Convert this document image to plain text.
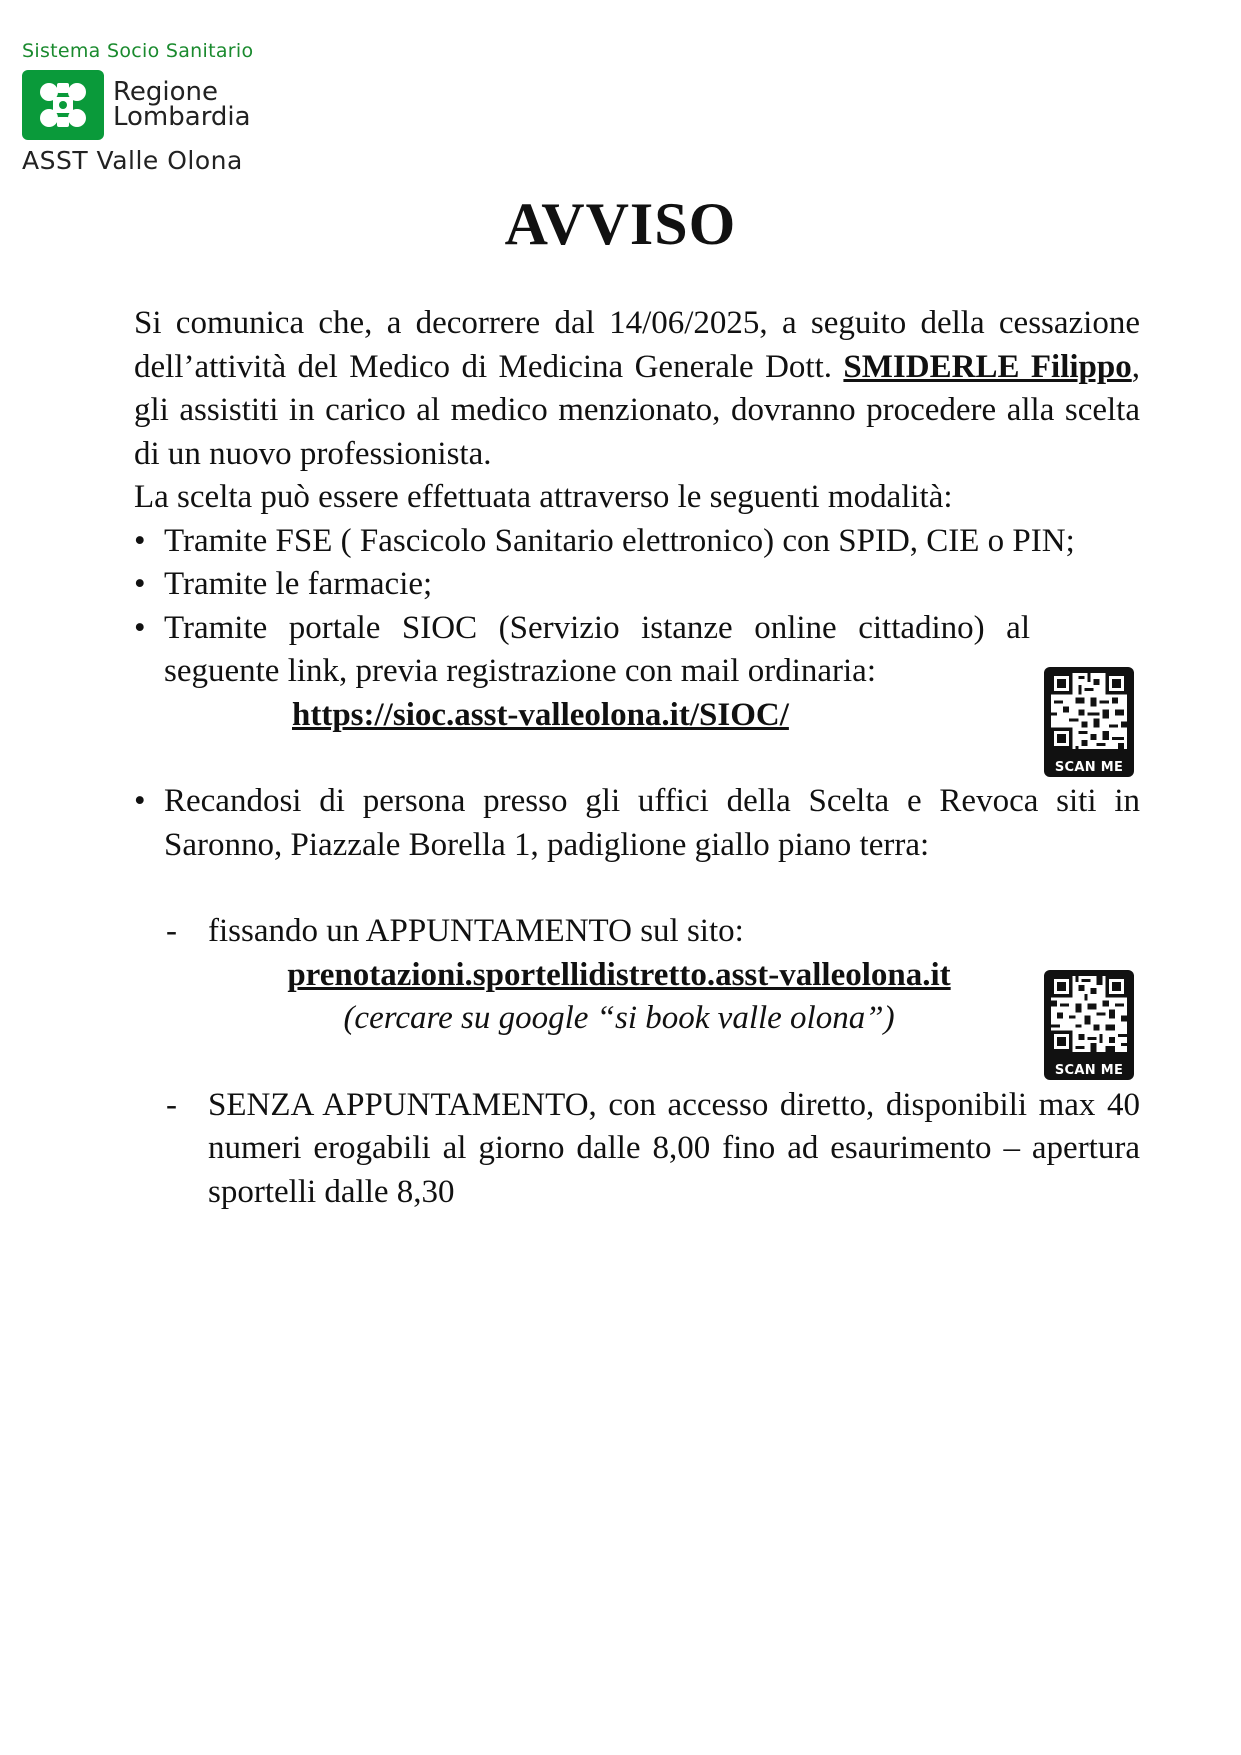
Sistema Socio Sanitario
Regione
Lombardia
ASST Valle Olona
AVVISO
Si comunica che, a decorrere dal 14/06/2025, a seguito della cessazione dell’attività del Medico di Medicina Generale Dott. SMIDERLE Filippo, gli assistiti in carico al medico menzionato, dovranno procedere alla scelta di un nuovo professionista.
La scelta può essere effettuata attraverso le seguenti modalità:
• Tramite FSE ( Fascicolo Sanitario elettronico) con SPID, CIE o PIN;
• Tramite le farmacie;
• Tramite portale SIOC (Servizio istanze online cittadino) al seguente link, previa registrazione con mail ordinaria:
https://sioc.asst-valleolona.it/SIOC/
• Recandosi di persona presso gli uffici della Scelta e Revoca siti in Saronno, Piazzale Borella 1, padiglione giallo piano terra:
- fissando un APPUNTAMENTO sul sito:
prenotazioni.sportellidistretto.asst-valleolona.it
(cercare su google “si book valle olona”)
- SENZA APPUNTAMENTO, con accesso diretto, disponibili max 40 numeri erogabili al giorno dalle 8,00 fino ad esaurimento – apertura sportelli dalle 8,30
SCAN ME
SCAN ME
